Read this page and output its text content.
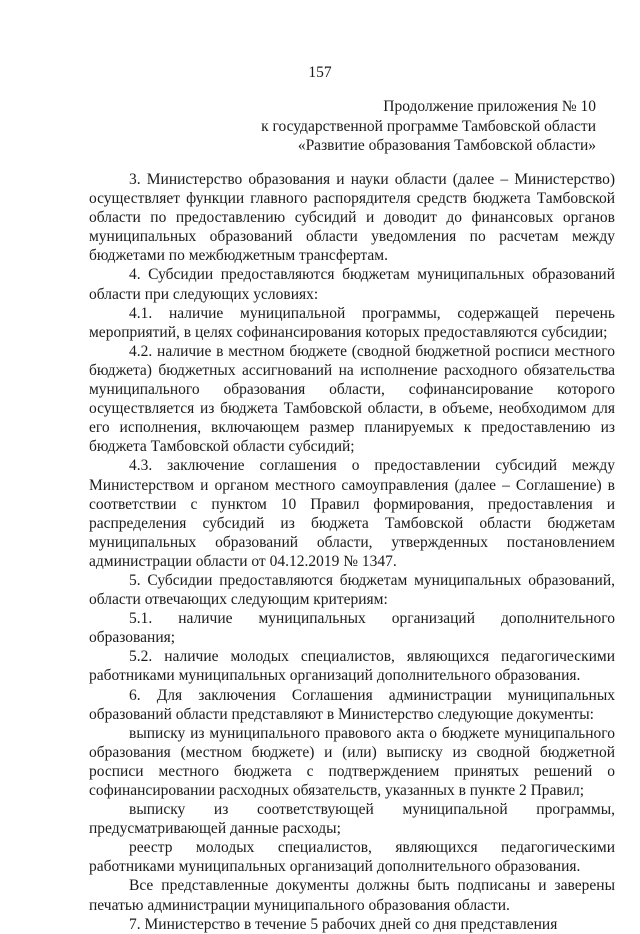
157
Продолжение приложения № 10
к государственной программе Тамбовской области
«Развитие образования Тамбовской области»

3. Министерство образования и науки области (далее – Министерство) осуществляет функции главного распорядителя средств бюджета Тамбовской области по предоставлению субсидий и доводит до финансовых органов муниципальных образований области уведомления по расчетам между бюджетами по межбюджетным трансфертам.

4. Субсидии предоставляются бюджетам муниципальных образований области при следующих условиях:

4.1. наличие муниципальной программы, содержащей перечень мероприятий, в целях софинансирования которых предоставляются субсидии;

4.2. наличие в местном бюджете (сводной бюджетной росписи местного бюджета) бюджетных ассигнований на исполнение расходного обязательства муниципального образования области, софинансирование которого осуществляется из бюджета Тамбовской области, в объеме, необходимом для его исполнения, включающем размер планируемых к предоставлению из бюджета Тамбовской области субсидий;

4.3. заключение соглашения о предоставлении субсидий между Министерством и органом местного самоуправления (далее – Соглашение) в соответствии с пунктом 10 Правил формирования, предоставления и распределения субсидий из бюджета Тамбовской области бюджетам муниципальных образований области, утвержденных постановлением администрации области от 04.12.2019 № 1347.

5. Субсидии предоставляются бюджетам муниципальных образований, области отвечающих следующим критериям:

5.1. наличие муниципальных организаций дополнительного образования;

5.2. наличие молодых специалистов, являющихся педагогическими работниками муниципальных организаций дополнительного образования.

6. Для заключения Соглашения администрации муниципальных образований области представляют в Министерство следующие документы:

выписку из муниципального правового акта о бюджете муниципального образования (местном бюджете) и (или) выписку из сводной бюджетной росписи местного бюджета с подтверждением принятых решений о софинансировании расходных обязательств, указанных в пункте 2 Правил;

выписку из соответствующей муниципальной программы, предусматривающей данные расходы;

реестр молодых специалистов, являющихся педагогическими работниками муниципальных организаций дополнительного образования.

Все представленные документы должны быть подписаны и заверены печатью администрации муниципального образования области.

7. Министерство в течение 5 рабочих дней со дня представления
